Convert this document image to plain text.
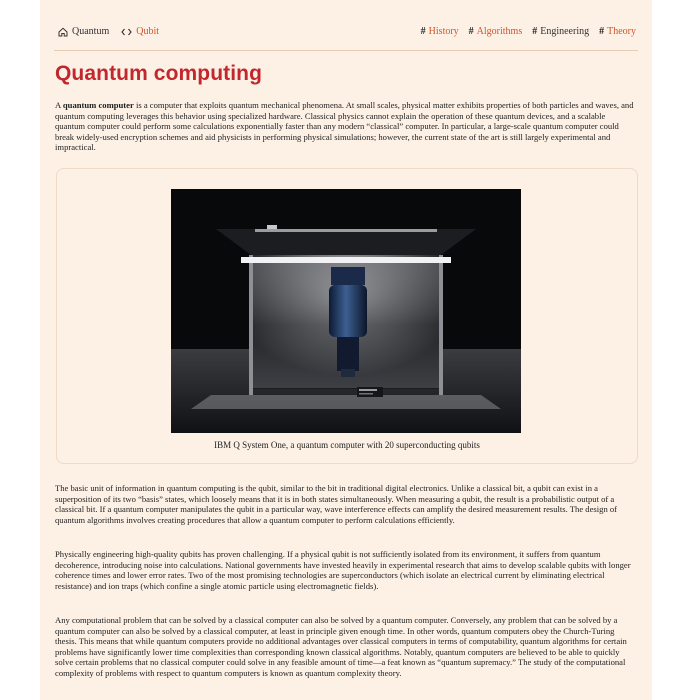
Quantum	Qubit	# History # Algorithms # Engineering # Theory
Quantum computing

A quantum computer is a computer that exploits quantum mechanical phenomena. At small scales, physical matter exhibits properties of both particles and waves, and quantum computing leverages this behavior using specialized hardware. Classical physics cannot explain the operation of these quantum devices, and a scalable quantum computer could perform some calculations exponentially faster than any modern “classical” computer. In particular, a large-scale quantum computer could break widely-used encryption schemes and aid physicists in performing physical simulations; however, the current state of the art is still largely experimental and impractical.

IBM Q System One, a quantum computer with 20 superconducting qubits

The basic unit of information in quantum computing is the qubit, similar to the bit in traditional digital electronics. Unlike a classical bit, a qubit can exist in a superposition of its two “basis” states, which loosely means that it is in both states simultaneously. When measuring a qubit, the result is a probabilistic output of a classical bit. If a quantum computer manipulates the qubit in a particular way, wave interference effects can amplify the desired measurement results. The design of quantum algorithms involves creating procedures that allow a quantum computer to perform calculations efficiently.

Physically engineering high-quality qubits has proven challenging. If a physical qubit is not sufficiently isolated from its environment, it suffers from quantum decoherence, introducing noise into calculations. National governments have invested heavily in experimental research that aims to develop scalable qubits with longer coherence times and lower error rates. Two of the most promising technologies are superconductors (which isolate an electrical current by eliminating electrical resistance) and ion traps (which confine a single atomic particle using electromagnetic fields).

Any computational problem that can be solved by a classical computer can also be solved by a quantum computer. Conversely, any problem that can be solved by a quantum computer can also be solved by a classical computer, at least in principle given enough time. In other words, quantum computers obey the Church-Turing thesis. This means that while quantum computers provide no additional advantages over classical computers in terms of computability, quantum algorithms for certain problems have significantly lower time complexities than corresponding known classical algorithms. Notably, quantum computers are believed to be able to quickly solve certain problems that no classical computer could solve in any feasible amount of time—a feat known as “quantum supremacy.” The study of the computational complexity of problems with respect to quantum computers is known as quantum complexity theory.
